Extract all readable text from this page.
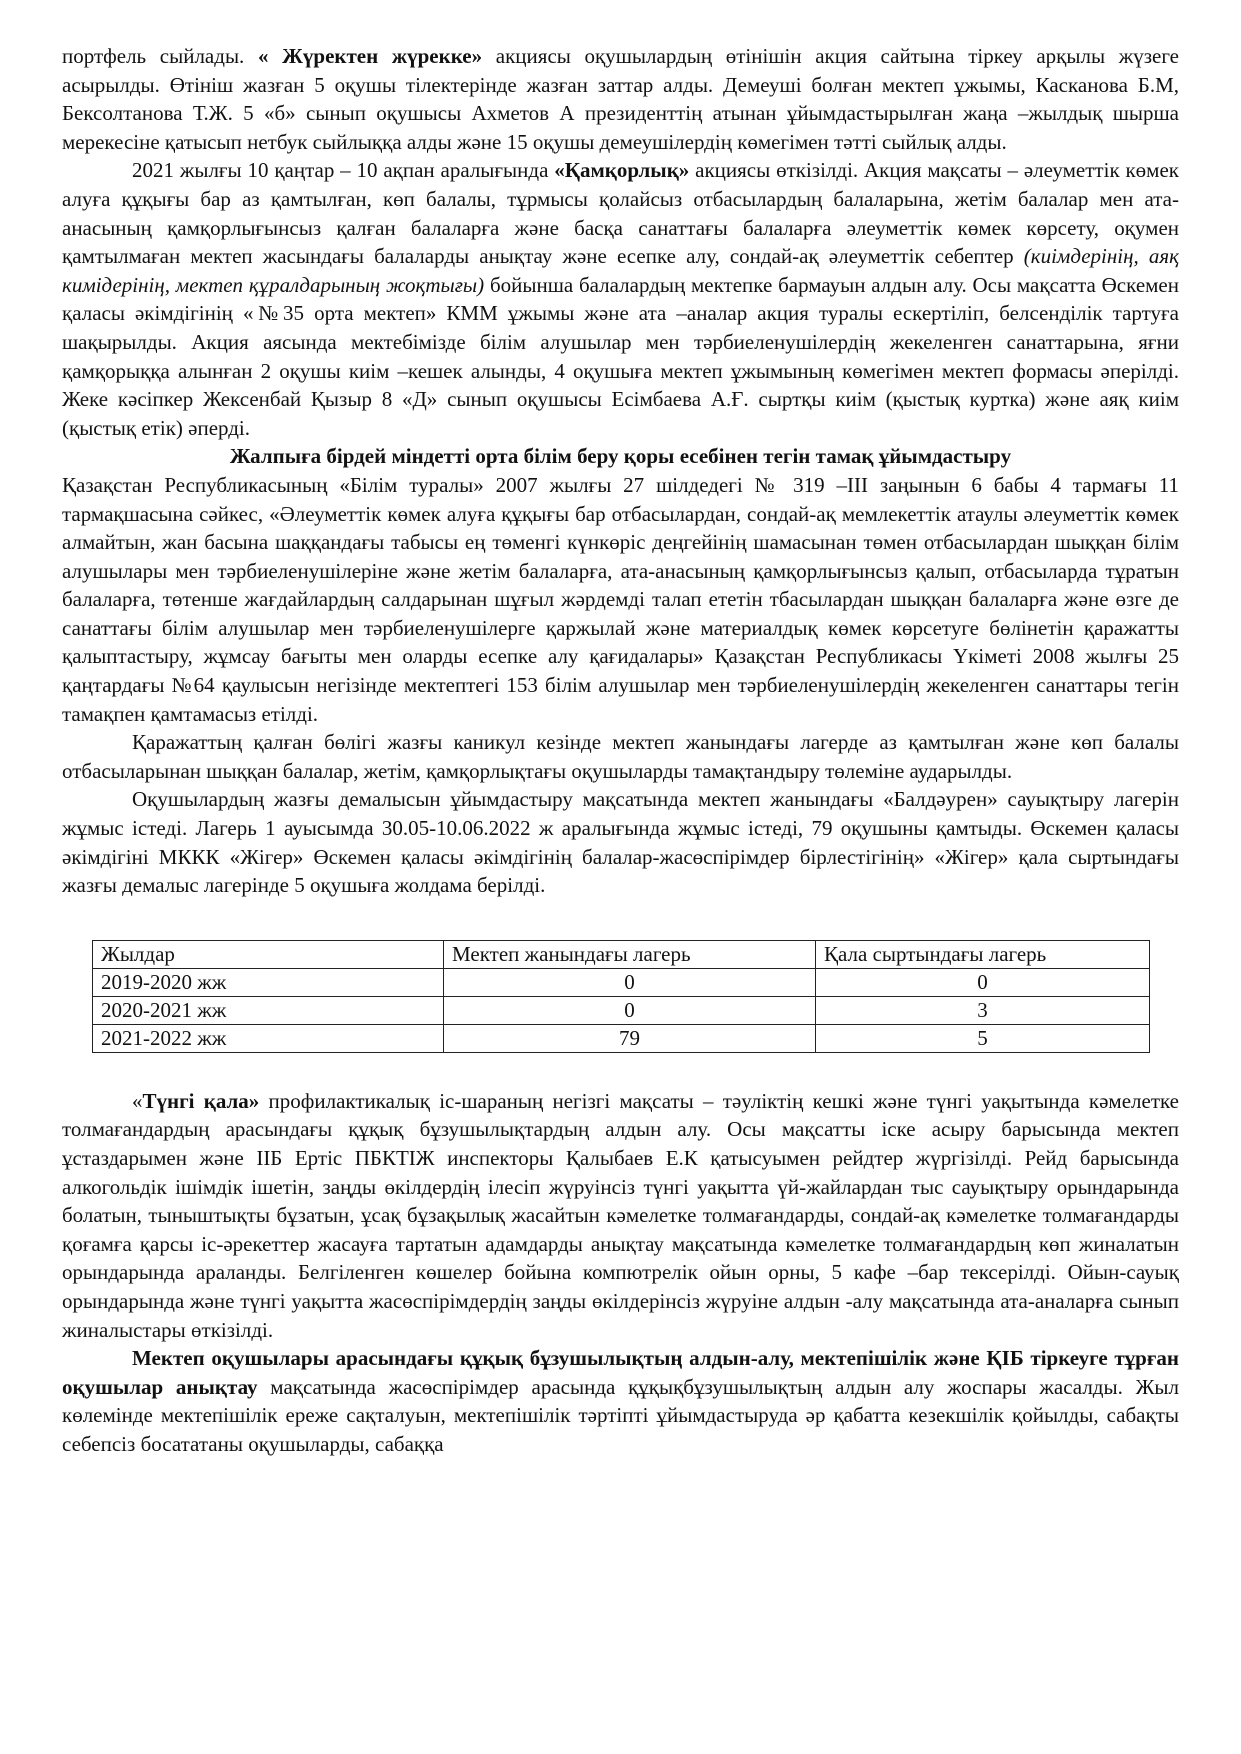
портфель сыйлады. « Жүректен жүрекке» акциясы оқушылардың өтінішін акция сайтына тіркеу арқылы жүзеге асырылды. Өтініш жазған 5 оқушы тілектерінде жазған заттар алды. Демеуші болған мектеп ұжымы, Касканова Б.М, Бексолтанова Т.Ж. 5 «б» сынып оқушысы Ахметов А президенттің атынан ұйымдастырылған жаңа –жылдық шырша мерекесіне қатысып нетбук сыйлыққа алды және 15 оқушы демеушілердің көмегімен тәтті сыйлық алды.

2021 жылғы 10 қаңтар – 10 ақпан аралығында «Қамқорлық» акциясы өткізілді. Акция мақсаты – әлеуметтік көмек алуға құқығы бар аз қамтылған, көп балалы, тұрмысы қолайсыз отбасылардың балаларына, жетім балалар мен ата-анасының қамқорлығынсыз қалған балаларға және басқа санаттағы балаларға әлеуметтік көмек көрсету, оқумен қамтылмаған мектеп жасындағы балаларды анықтау және есепке алу, сондай-ақ әлеуметтік себептер (киімдерінің, аяқ кимідерінің, мектеп құралдарының жоқтығы) бойынша балалардың мектепке бармауын алдын алу. Осы мақсатта Өскемен қаласы әкімдігінің «№35 орта мектеп» КММ ұжымы және ата –аналар акция туралы ескертіліп, белсенділік тартуға шақырылды. Акция аясында мектебімізде білім алушылар мен тәрбиеленушілердің жекеленген санаттарына, яғни қамқорыққа алынған 2 оқушы киім –кешек алынды, 4 оқушыға мектеп ұжымының көмегімен мектеп формасы әперілді. Жеке кәсіпкер Жексенбай Қызыр 8 «Д» сынып оқушысы Есімбаева А.Ғ. сыртқы киім (қыстық куртка) және аяқ киім (қыстық етік) әперді.

Жалпыға бірдей міндетті орта білім беру қоры есебінен тегін тамақ ұйымдастыру

Қазақстан Республикасының «Білім туралы» 2007 жылғы 27 шілдедегі № 319 –ІІІ заңынын 6 бабы 4 тармағы 11 тармақшасына сәйкес, «Әлеуметтік көмек алуға құқығы бар отбасылардан, сондай-ақ мемлекеттік атаулы әлеуметтік көмек алмайтын, жан басына шаққандағы табысы ең төменгі күнкөріс деңгейінің шамасынан төмен отбасылардан шыққан білім алушылары мен тәрбиеленушілеріне және жетім балаларға, ата-анасының қамқорлығынсыз қалып, отбасыларда тұратын балаларға, төтенше жағдайлардың салдарынан шұғыл жәрдемді талап ететін тбасылардан шыққан балаларға және өзге де санаттағы білім алушылар мен тәрбиеленушілерге қаржылай және материалдық көмек көрсетуге бөлінетін қаражатты қалыптастыру, жұмсау бағыты мен оларды есепке алу қағидалары» Қазақстан Республикасы Үкіметі 2008 жылғы 25 қаңтардағы №64 қаулысын негізінде мектептегі 153 білім алушылар мен тәрбиеленушілердің жекеленген санаттары тегін тамақпен қамтамасыз етілді.

Қаражаттың қалған бөлігі жазғы каникул кезінде мектеп жанындағы лагерде аз қамтылған және көп балалы отбасыларынан шыққан балалар, жетім, қамқорлықтағы оқушыларды тамақтандыру төлеміне аударылды.

Оқушылардың жазғы демалысын ұйымдастыру мақсатында мектеп жанындағы «Балдәурен» сауықтыру лагерін жұмыс істеді. Лагерь 1 ауысымда 30.05-10.06.2022 ж аралығында жұмыс істеді, 79 оқушыны қамтыды. Өскемен қаласы әкімдігіні МККК «Жігер» Өскемен қаласы әкімдігінің балалар-жасөспірімдер бірлестігінің» «Жігер» қала сыртындағы жазғы демалыс лагерінде 5 оқушыға жолдама берілді.

Жылдар	Мектеп жанындағы лагерь	Қала сыртындағы лагерь
2019-2020 жж	0	0
2020-2021 жж	0	3
2021-2022 жж	79	5

«Түнгі қала» профилактикалық іс-шараның негізгі мақсаты – тәуліктің кешкі және түнгі уақытында кәмелетке толмағандардың арасындағы құқық бұзушылықтардың алдын алу. Осы мақсатты іске асыру барысында мектеп ұстаздарымен және ІІБ Ертіс ПБКТІЖ инспекторы Қалыбаев Е.К қатысуымен рейдтер жүргізілді. Рейд барысында алкогольдік ішімдік ішетін, заңды өкілдердің ілесіп жүруінсіз түнгі уақытта үй-жайлардан тыс сауықтыру орындарында болатын, тыныштықты бұзатын, ұсақ бұзақылық жасайтын кәмелетке толмағандарды, сондай-ақ кәмелетке толмағандарды қоғамға қарсы іс-әрекеттер жасауға тартатын адамдарды анықтау мақсатында кәмелетке толмағандардың көп жиналатын орындарында араланды. Белгіленген көшелер бойына компютрелік ойын орны, 5 кафе –бар тексерілді. Ойын-сауық орындарында және түнгі уақытта жасөспірімдердің заңды өкілдерінсіз жүруіне алдын -алу мақсатында ата-аналарға сынып жиналыстары өткізілді.

Мектеп оқушылары арасындағы құқық бұзушылықтың алдын-алу, мектепішілік және ҚІБ тіркеуге тұрған оқушылар анықтау мақсатында жасөспірімдер арасында құқықбұзушылықтың алдын алу жоспары жасалды. Жыл көлемінде мектепішілік ереже сақталуын, мектепішілік тәртіпті ұйымдастыруда әр қабатта кезекшілік қойылды, сабақты себепсіз босататаны оқушыларды, сабаққа
